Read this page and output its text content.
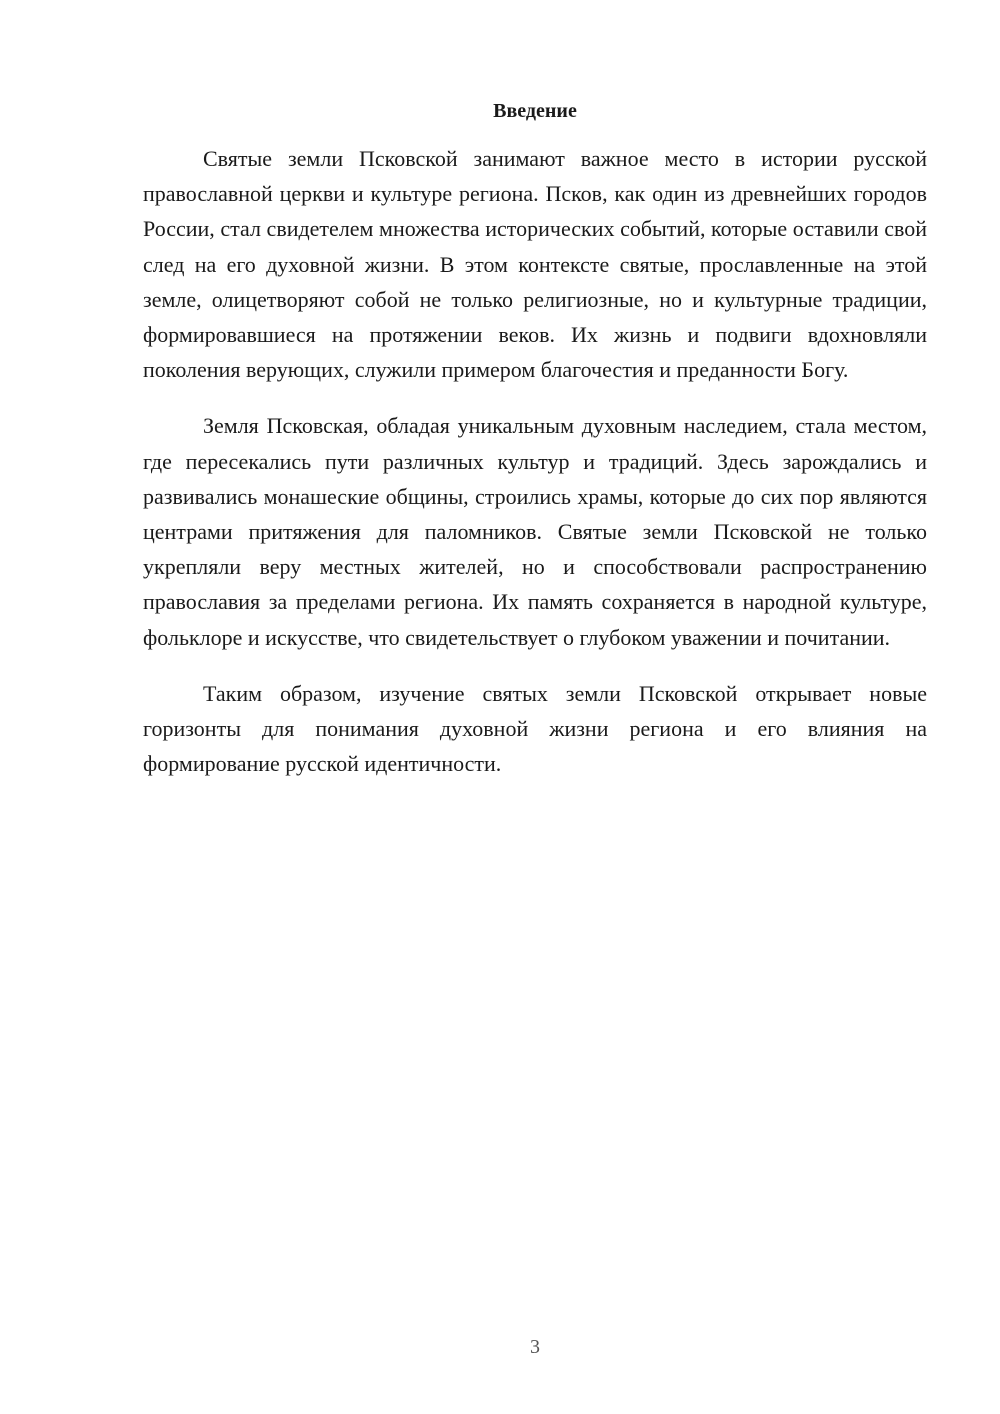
Введение

Святые земли Псковской занимают важное место в истории русской православной церкви и культуре региона. Псков, как один из древнейших городов России, стал свидетелем множества исторических событий, которые оставили свой след на его духовной жизни. В этом контексте святые, прославленные на этой земле, олицетворяют собой не только религиозные, но и культурные традиции, формировавшиеся на протяжении веков. Их жизнь и подвиги вдохновляли поколения верующих, служили примером благочестия и преданности Богу.

Земля Псковская, обладая уникальным духовным наследием, стала местом, где пересекались пути различных культур и традиций. Здесь зарождались и развивались монашеские общины, строились храмы, которые до сих пор являются центрами притяжения для паломников. Святые земли Псковской не только укрепляли веру местных жителей, но и способствовали распространению православия за пределами региона. Их память сохраняется в народной культуре, фольклоре и искусстве, что свидетельствует о глубоком уважении и почитании.

Таким образом, изучение святых земли Псковской открывает новые горизонты для понимания духовной жизни региона и его влияния на формирование русской идентичности.

3
